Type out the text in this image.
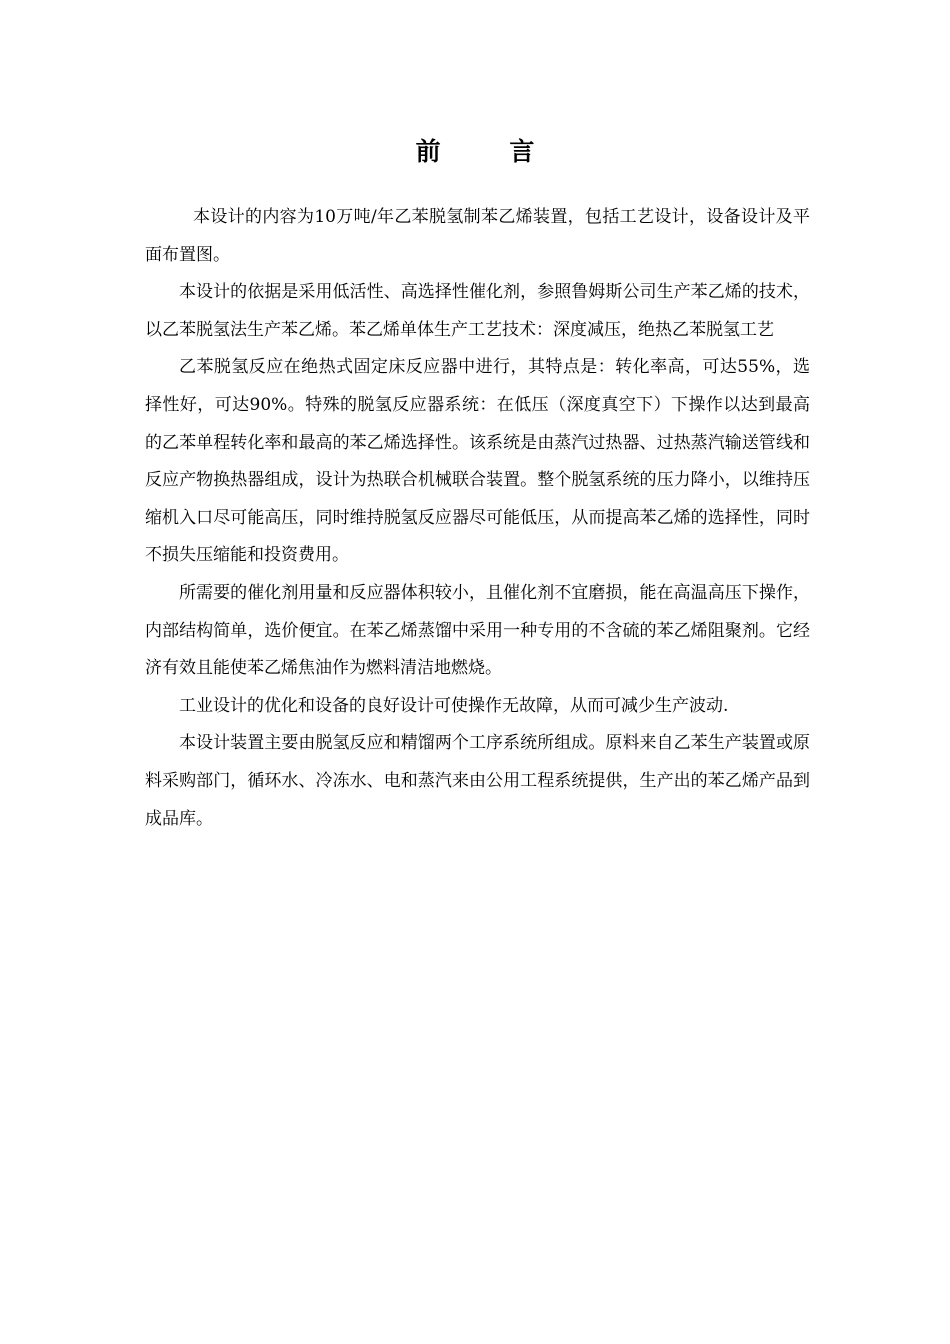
前 言

本设计的内容为10万吨/年乙苯脱氢制苯乙烯装置，包括工艺设计，设备设计及平面布置图。

本设计的依据是采用低活性、高选择性催化剂，参照鲁姆斯公司生产苯乙烯的技术，以乙苯脱氢法生产苯乙烯。苯乙烯单体生产工艺技术：深度减压，绝热乙苯脱氢工艺

乙苯脱氢反应在绝热式固定床反应器中进行，其特点是：转化率高，可达55%，选择性好，可达90%。特殊的脱氢反应器系统：在低压（深度真空下）下操作以达到最高的乙苯单程转化率和最高的苯乙烯选择性。该系统是由蒸汽过热器、过热蒸汽输送管线和反应产物换热器组成，设计为热联合机械联合装置。整个脱氢系统的压力降小，以维持压缩机入口尽可能高压，同时维持脱氢反应器尽可能低压，从而提高苯乙烯的选择性，同时不损失压缩能和投资费用。

所需要的催化剂用量和反应器体积较小，且催化剂不宜磨损，能在高温高压下操作，内部结构简单，选价便宜。在苯乙烯蒸馏中采用一种专用的不含硫的苯乙烯阻聚剂。它经济有效且能使苯乙烯焦油作为燃料清洁地燃烧。

工业设计的优化和设备的良好设计可使操作无故障，从而可减少生产波动.

本设计装置主要由脱氢反应和精馏两个工序系统所组成。原料来自乙苯生产装置或原料采购部门，循环水、冷冻水、电和蒸汽来由公用工程系统提供，生产出的苯乙烯产品到成品库。
